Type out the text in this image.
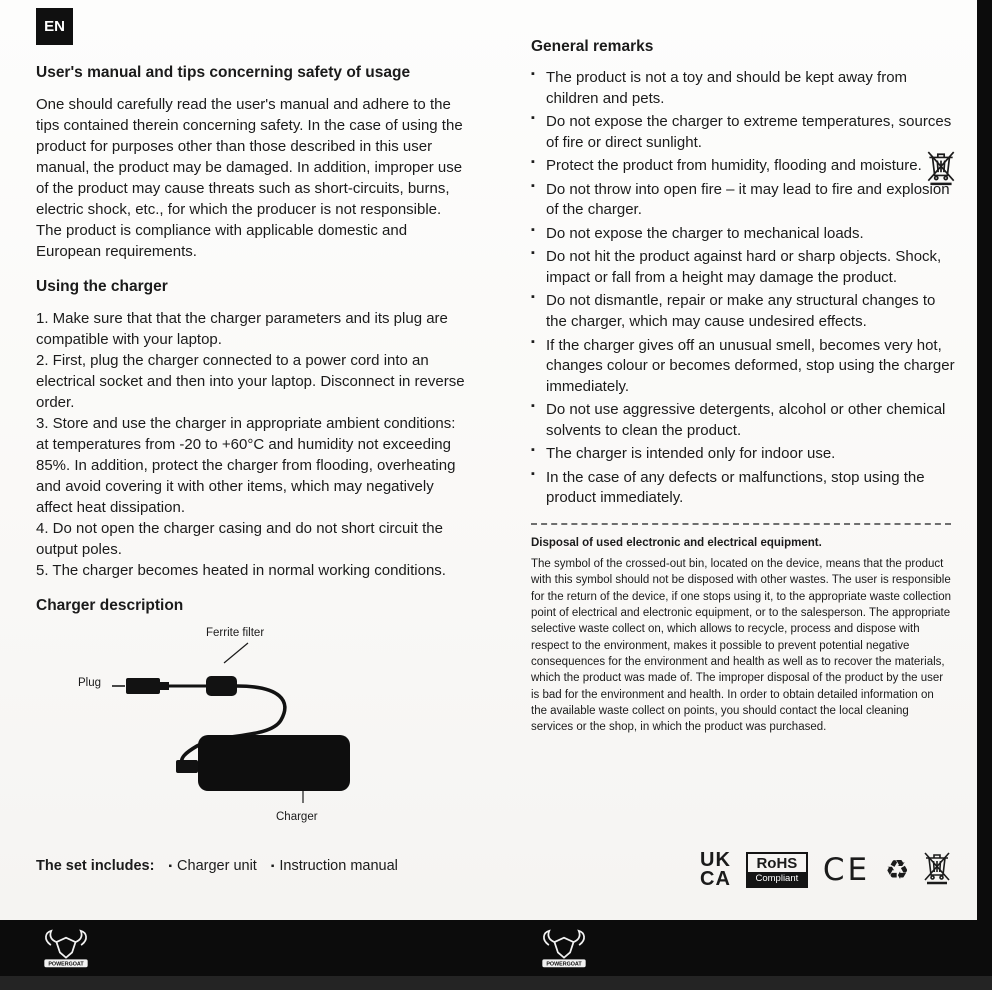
EN
User's manual and tips concerning safety of usage

One should carefully read the user's manual and adhere to the tips contained therein concerning safety. In the case of using the product for purposes other than those described in this user manual, the product may be damaged. In addition, improper use of the product may cause threats such as short-circuits, burns, electric shock, etc., for which the producer is not responsible. The product is compliance with applicable domestic and European requirements.

Using the charger

1. Make sure that that the charger parameters and its plug are compatible with your laptop.

2. First, plug the charger connected to a power cord into an electrical socket and then into your laptop. Disconnect in reverse order.

3. Store and use the charger in appropriate ambient conditions: at temperatures from -20 to +60°C and humidity not exceeding 85%. In addition, protect the charger from flooding, overheating and avoid covering it with other items, which may negatively affect heat dissipation.

4. Do not open the charger casing and do not short circuit the output poles.

5. The charger becomes heated in normal working conditions.

Charger description
Ferrite filter
Plug
Charger
The set includes: ▪ Charger unit ▪ Instruction manual
General remarks
▪ The product is not a toy and should be kept away from children and pets.
▪ Do not expose the charger to extreme temperatures, sources of fire or direct sunlight.
▪ Protect the product from humidity, flooding and moisture.
▪ Do not throw into open fire – it may lead to fire and explosion of the charger.
▪ Do not expose the charger to mechanical loads.
▪ Do not hit the product against hard or sharp objects. Shock, impact or fall from a height may damage the product.
▪ Do not dismantle, repair or make any structural changes to the charger, which may cause undesired effects.
▪ If the charger gives off an unusual smell, becomes very hot, changes colour or becomes deformed, stop using the charger immediately.
▪ Do not use aggressive detergents, alcohol or other chemical solvents to clean the product.
▪ The charger is intended only for indoor use.
▪ In the case of any defects or malfunctions, stop using the product immediately.
Disposal of used electronic and electrical equipment.

The symbol of the crossed-out bin, located on the device, means that the product with this symbol should not be disposed with other wastes. The user is responsible for the return of the device, if one stops using it, to the appropriate waste collection point of electrical and electronic equipment, or to the salesperson. The appropriate selective waste collect on, which allows to recycle, process and dispose with respect to the environment, makes it possible to prevent potential negative consequences for the environment and health as well as to recover the materials, which the product was made of. The improper disposal of the product by the user is bad for the environment and health. In order to obtain detailed information on the available waste collect on points, you should contact the local cleaning services or the shop, in which the product was purchased.

UK
CA
RoHS
Compliant CE ♻
POWERGOAT	POWERGOAT
